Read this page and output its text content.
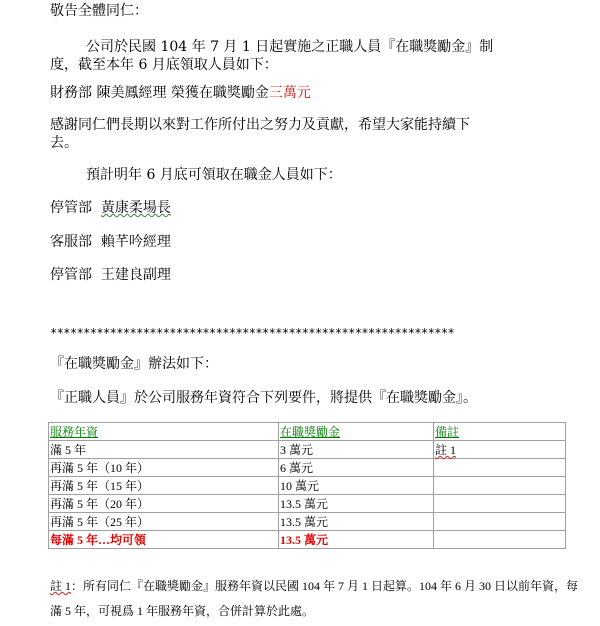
敬告全體同仁：
公司於民國 104 年 7 月 1 日起實施之正職人員『在職獎勵金』制
度，截至本年 6 月底領取人員如下：
財務部 陳美鳳經理 榮獲在職獎勵金三萬元
感謝同仁們長期以來對工作所付出之努力及貢獻，希望大家能持續下
去。
預計明年 6 月底可領取在職金人員如下：
停管部 黃康柔場長
客服部 賴芊吟經理
停管部 王建良副理
*************************************************************
『在職獎勵金』辦法如下：
『正職人員』於公司服務年資符合下列要件，將提供『在職獎勵金』。
服務年資	在職獎勵金	備註
滿 5 年	3 萬元	註 1
再滿 5 年（10 年）	6 萬元	
再滿 5 年（15 年）	10 萬元	
再滿 5 年（20 年）	13.5 萬元	
再滿 5 年（25 年）	13.5 萬元	
每滿 5 年…均可領	13.5 萬元	
註 1：所有同仁『在職獎勵金』服務年資以民國 104 年 7 月 1 日起算。104 年 6 月 30 日以前年資，每
滿 5 年，可視爲 1 年服務年資，合併計算於此處。
